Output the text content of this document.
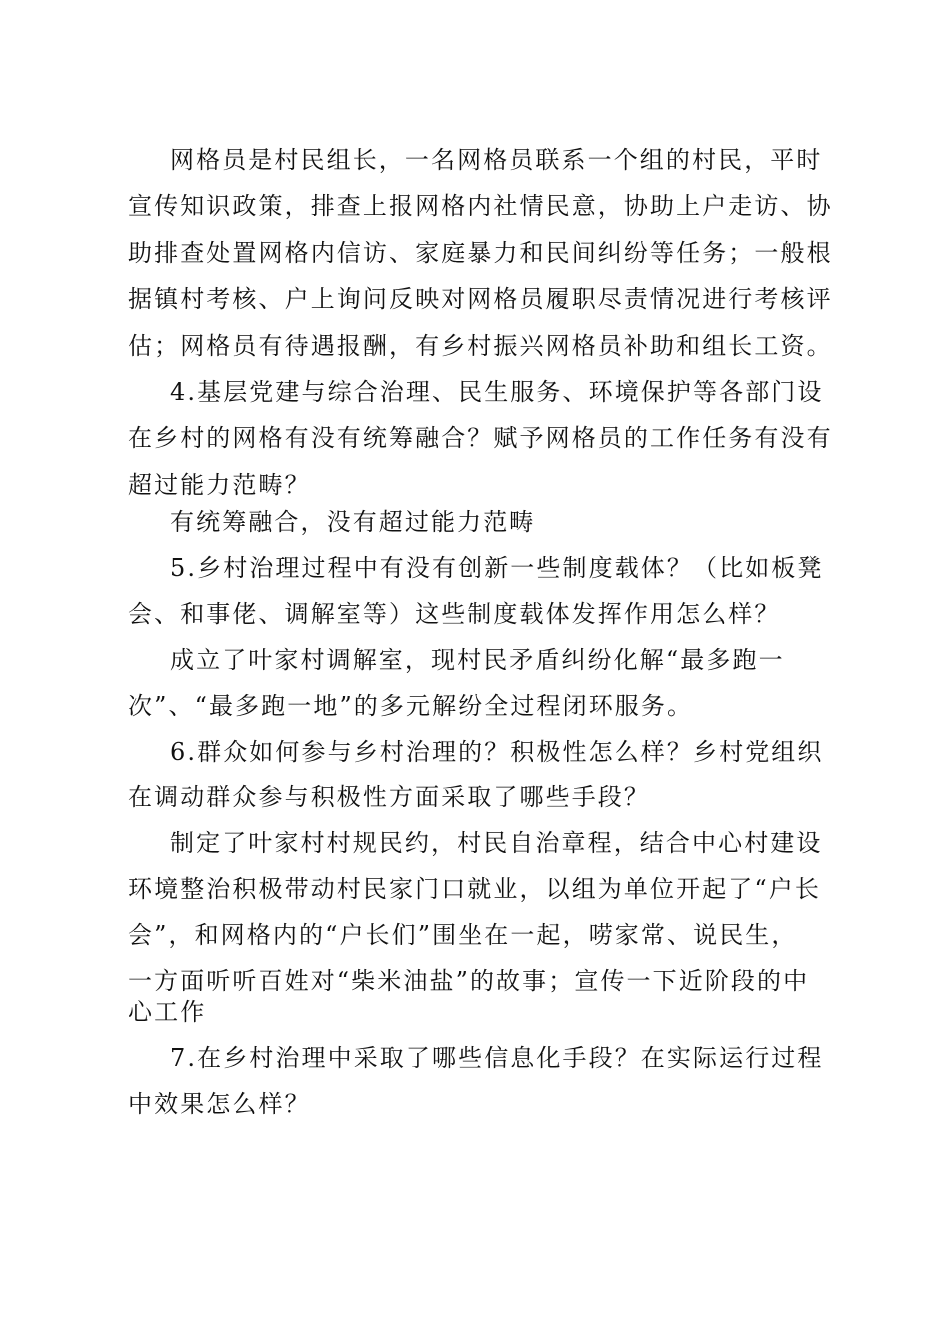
网格员是村民组长，一名网格员联系一个组的村民，平时
宣传知识政策，排查上报网格内社情民意，协助上户走访、协
助排查处置网格内信访、家庭暴力和民间纠纷等任务；一般根
据镇村考核、户上询问反映对网格员履职尽责情况进行考核评
估；网格员有待遇报酬，有乡村振兴网格员补助和组长工资。
4.基层党建与综合治理、民生服务、环境保护等各部门设
在乡村的网格有没有统筹融合？赋予网格员的工作任务有没有
超过能力范畴？
有统筹融合，没有超过能力范畴
5.乡村治理过程中有没有创新一些制度载体？（比如板凳
会、和事佬、调解室等）这些制度载体发挥作用怎么样？
成立了叶家村调解室，现村民矛盾纠纷化解“最多跑一
次”、“最多跑一地”的多元解纷全过程闭环服务。
6.群众如何参与乡村治理的？积极性怎么样？乡村党组织
在调动群众参与积极性方面采取了哪些手段？
制定了叶家村村规民约，村民自治章程，结合中心村建设
环境整治积极带动村民家门口就业，以组为单位开起了“户长
会”，和网格内的“户长们”围坐在一起，唠家常、说民生，
一方面听听百姓对“柴米油盐”的故事；宣传一下近阶段的中
心工作
7.在乡村治理中采取了哪些信息化手段？在实际运行过程
中效果怎么样？
